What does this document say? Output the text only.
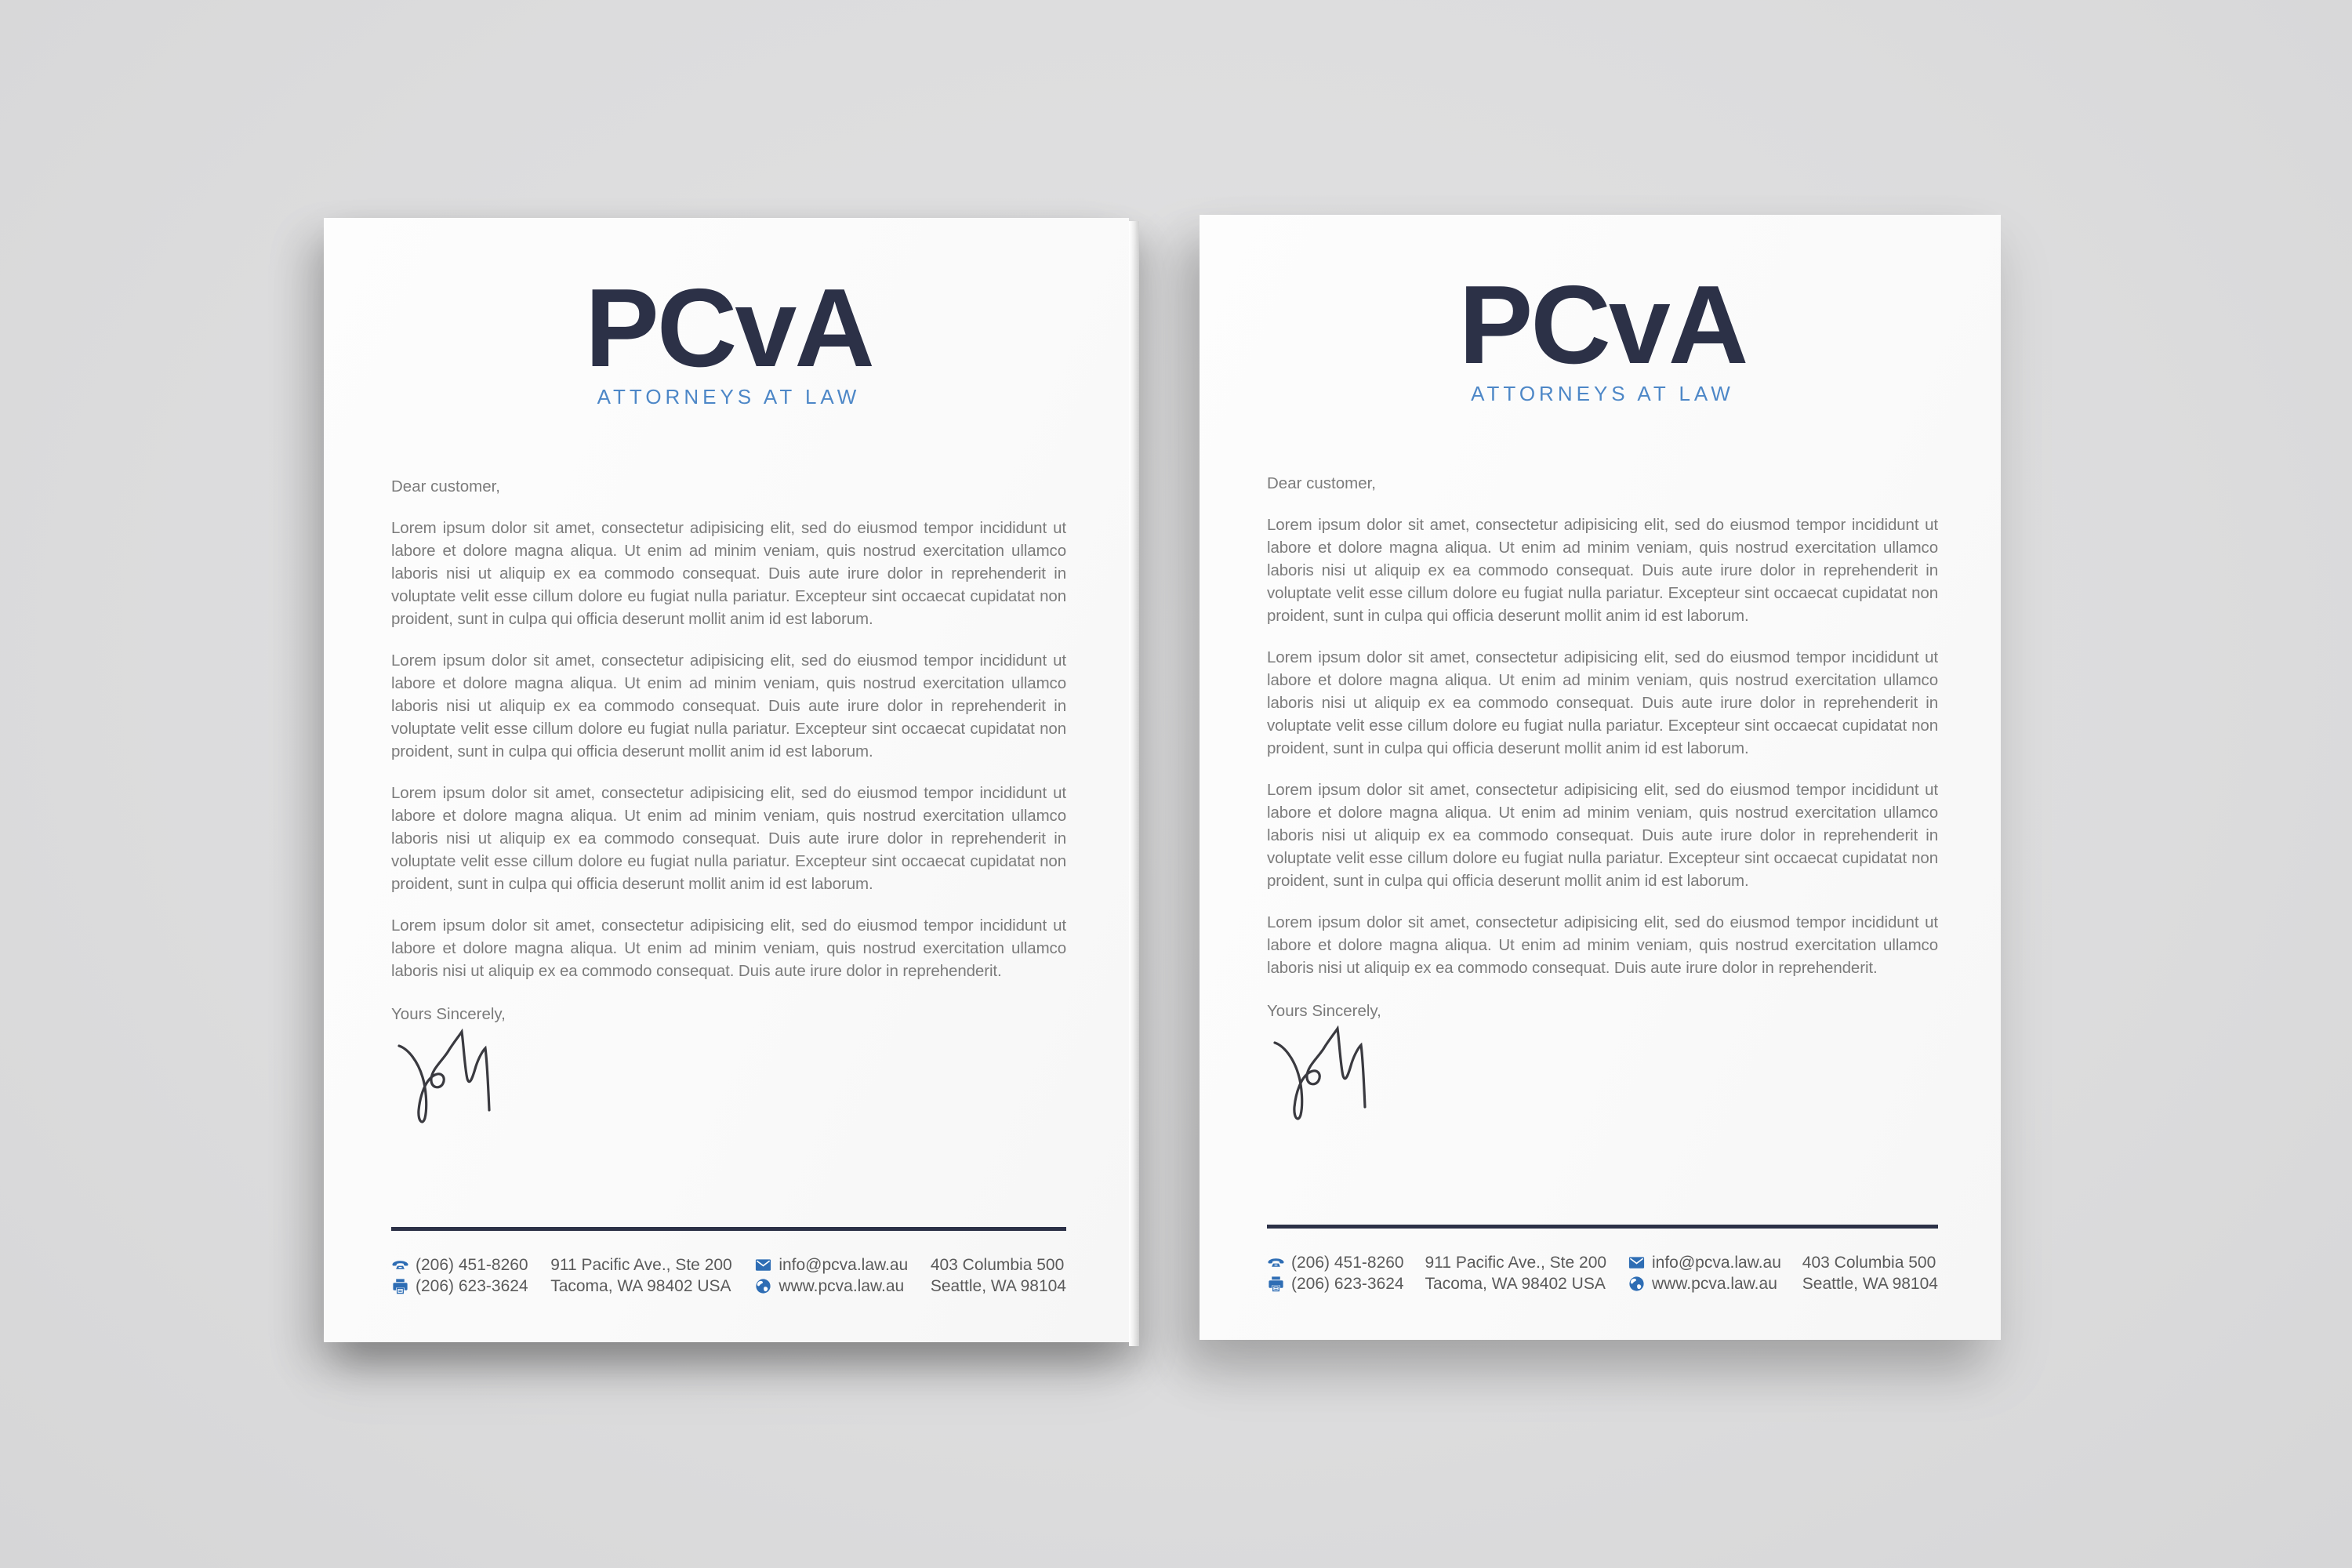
PCvA
ATTORNEYS AT LAW

Dear customer,

Lorem ipsum dolor sit amet, consectetur adipisicing elit, sed do eiusmod tempor incididunt ut labore et dolore magna aliqua. Ut enim ad minim veniam, quis nostrud exercitation ullamco laboris nisi ut aliquip ex ea commodo consequat. Duis aute irure dolor in reprehenderit in voluptate velit esse cillum dolore eu fugiat nulla pariatur. Excepteur sint occaecat cupidatat non proident, sunt in culpa qui officia deserunt mollit anim id est laborum.

Lorem ipsum dolor sit amet, consectetur adipisicing elit, sed do eiusmod tempor incididunt ut labore et dolore magna aliqua. Ut enim ad minim veniam, quis nostrud exercitation ullamco laboris nisi ut aliquip ex ea commodo consequat. Duis aute irure dolor in reprehenderit in voluptate velit esse cillum dolore eu fugiat nulla pariatur. Excepteur sint occaecat cupidatat non proident, sunt in culpa qui officia deserunt mollit anim id est laborum.

Lorem ipsum dolor sit amet, consectetur adipisicing elit, sed do eiusmod tempor incididunt ut labore et dolore magna aliqua. Ut enim ad minim veniam, quis nostrud exercitation ullamco laboris nisi ut aliquip ex ea commodo consequat. Duis aute irure dolor in reprehenderit in voluptate velit esse cillum dolore eu fugiat nulla pariatur. Excepteur sint occaecat cupidatat non proident, sunt in culpa qui officia deserunt mollit anim id est laborum.

Lorem ipsum dolor sit amet, consectetur adipisicing elit, sed do eiusmod tempor incididunt ut labore et dolore magna aliqua. Ut enim ad minim veniam, quis nostrud exercitation ullamco laboris nisi ut aliquip ex ea commodo consequat. Duis aute irure dolor in reprehenderit.

Yours Sincerely,

(206) 451-8260
(206) 623-3624
911 Pacific Ave., Ste 200
Tacoma, WA 98402 USA
info@pcva.law.au
www.pcva.law.au
403 Columbia 500
Seattle, WA 98104
PCvA
ATTORNEYS AT LAW

Dear customer,

Lorem ipsum dolor sit amet, consectetur adipisicing elit, sed do eiusmod tempor incididunt ut labore et dolore magna aliqua. Ut enim ad minim veniam, quis nostrud exercitation ullamco laboris nisi ut aliquip ex ea commodo consequat. Duis aute irure dolor in reprehenderit in voluptate velit esse cillum dolore eu fugiat nulla pariatur. Excepteur sint occaecat cupidatat non proident, sunt in culpa qui officia deserunt mollit anim id est laborum.

Lorem ipsum dolor sit amet, consectetur adipisicing elit, sed do eiusmod tempor incididunt ut labore et dolore magna aliqua. Ut enim ad minim veniam, quis nostrud exercitation ullamco laboris nisi ut aliquip ex ea commodo consequat. Duis aute irure dolor in reprehenderit in voluptate velit esse cillum dolore eu fugiat nulla pariatur. Excepteur sint occaecat cupidatat non proident, sunt in culpa qui officia deserunt mollit anim id est laborum.

Lorem ipsum dolor sit amet, consectetur adipisicing elit, sed do eiusmod tempor incididunt ut labore et dolore magna aliqua. Ut enim ad minim veniam, quis nostrud exercitation ullamco laboris nisi ut aliquip ex ea commodo consequat. Duis aute irure dolor in reprehenderit in voluptate velit esse cillum dolore eu fugiat nulla pariatur. Excepteur sint occaecat cupidatat non proident, sunt in culpa qui officia deserunt mollit anim id est laborum.

Lorem ipsum dolor sit amet, consectetur adipisicing elit, sed do eiusmod tempor incididunt ut labore et dolore magna aliqua. Ut enim ad minim veniam, quis nostrud exercitation ullamco laboris nisi ut aliquip ex ea commodo consequat. Duis aute irure dolor in reprehenderit.

Yours Sincerely,

(206) 451-8260
(206) 623-3624
911 Pacific Ave., Ste 200
Tacoma, WA 98402 USA
info@pcva.law.au
www.pcva.law.au
403 Columbia 500
Seattle, WA 98104
